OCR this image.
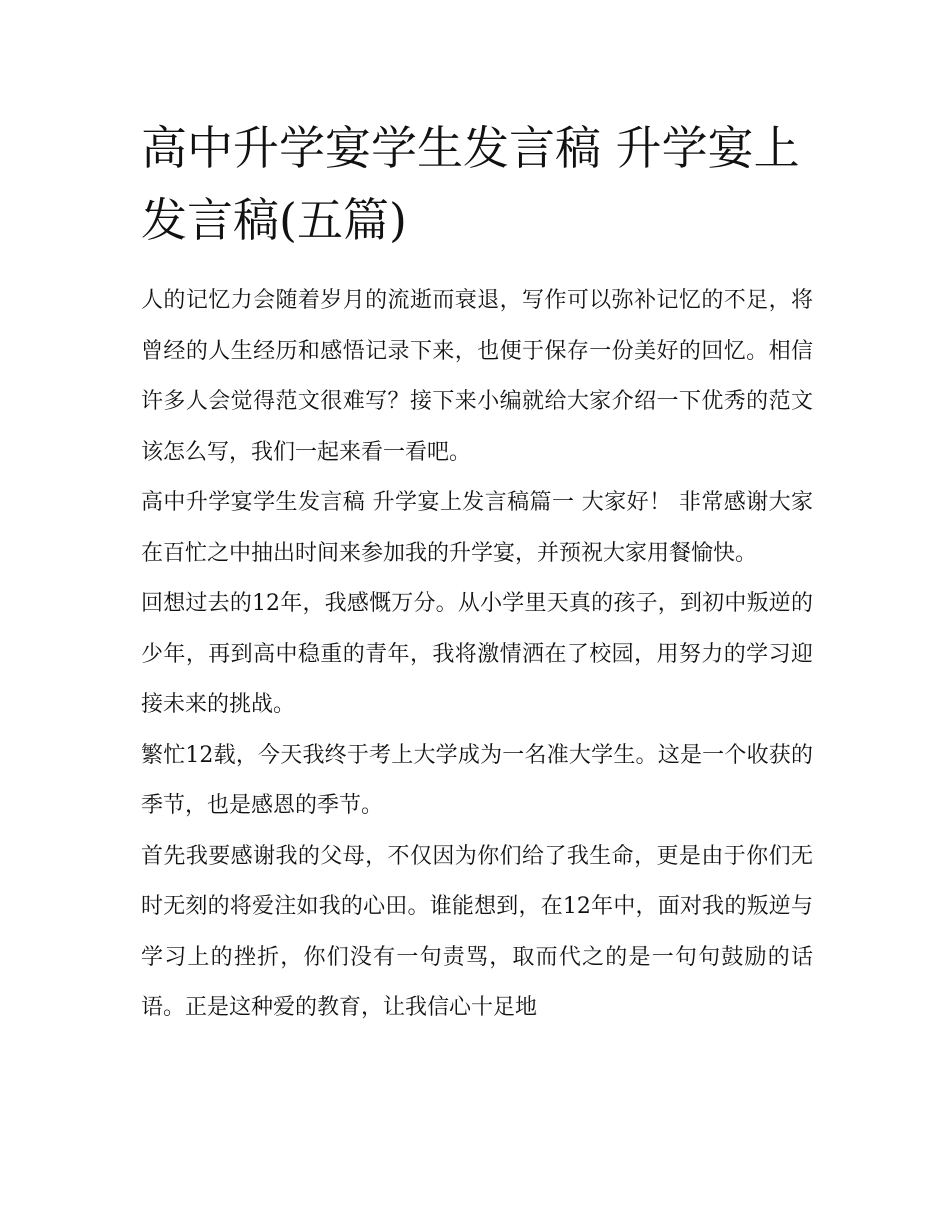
高中升学宴学生发言稿 升学宴上发言稿(五篇)

人的记忆力会随着岁月的流逝而衰退，写作可以弥补记忆的不足，将曾经的人生经历和感悟记录下来，也便于保存一份美好的回忆。相信许多人会觉得范文很难写？接下来小编就给大家介绍一下优秀的范文该怎么写，我们一起来看一看吧。

高中升学宴学生发言稿 升学宴上发言稿篇一 大家好！ 非常感谢大家在百忙之中抽出时间来参加我的升学宴，并预祝大家用餐愉快。

回想过去的12年，我感慨万分。从小学里天真的孩子，到初中叛逆的少年，再到高中稳重的青年，我将激情洒在了校园，用努力的学习迎接未来的挑战。

繁忙12载，今天我终于考上大学成为一名准大学生。这是一个收获的季节，也是感恩的季节。

首先我要感谢我的父母，不仅因为你们给了我生命，更是由于你们无时无刻的将爱注如我的心田。谁能想到，在12年中，面对我的叛逆与学习上的挫折，你们没有一句责骂，取而代之的是一句句鼓励的话语。正是这种爱的教育，让我信心十足地
